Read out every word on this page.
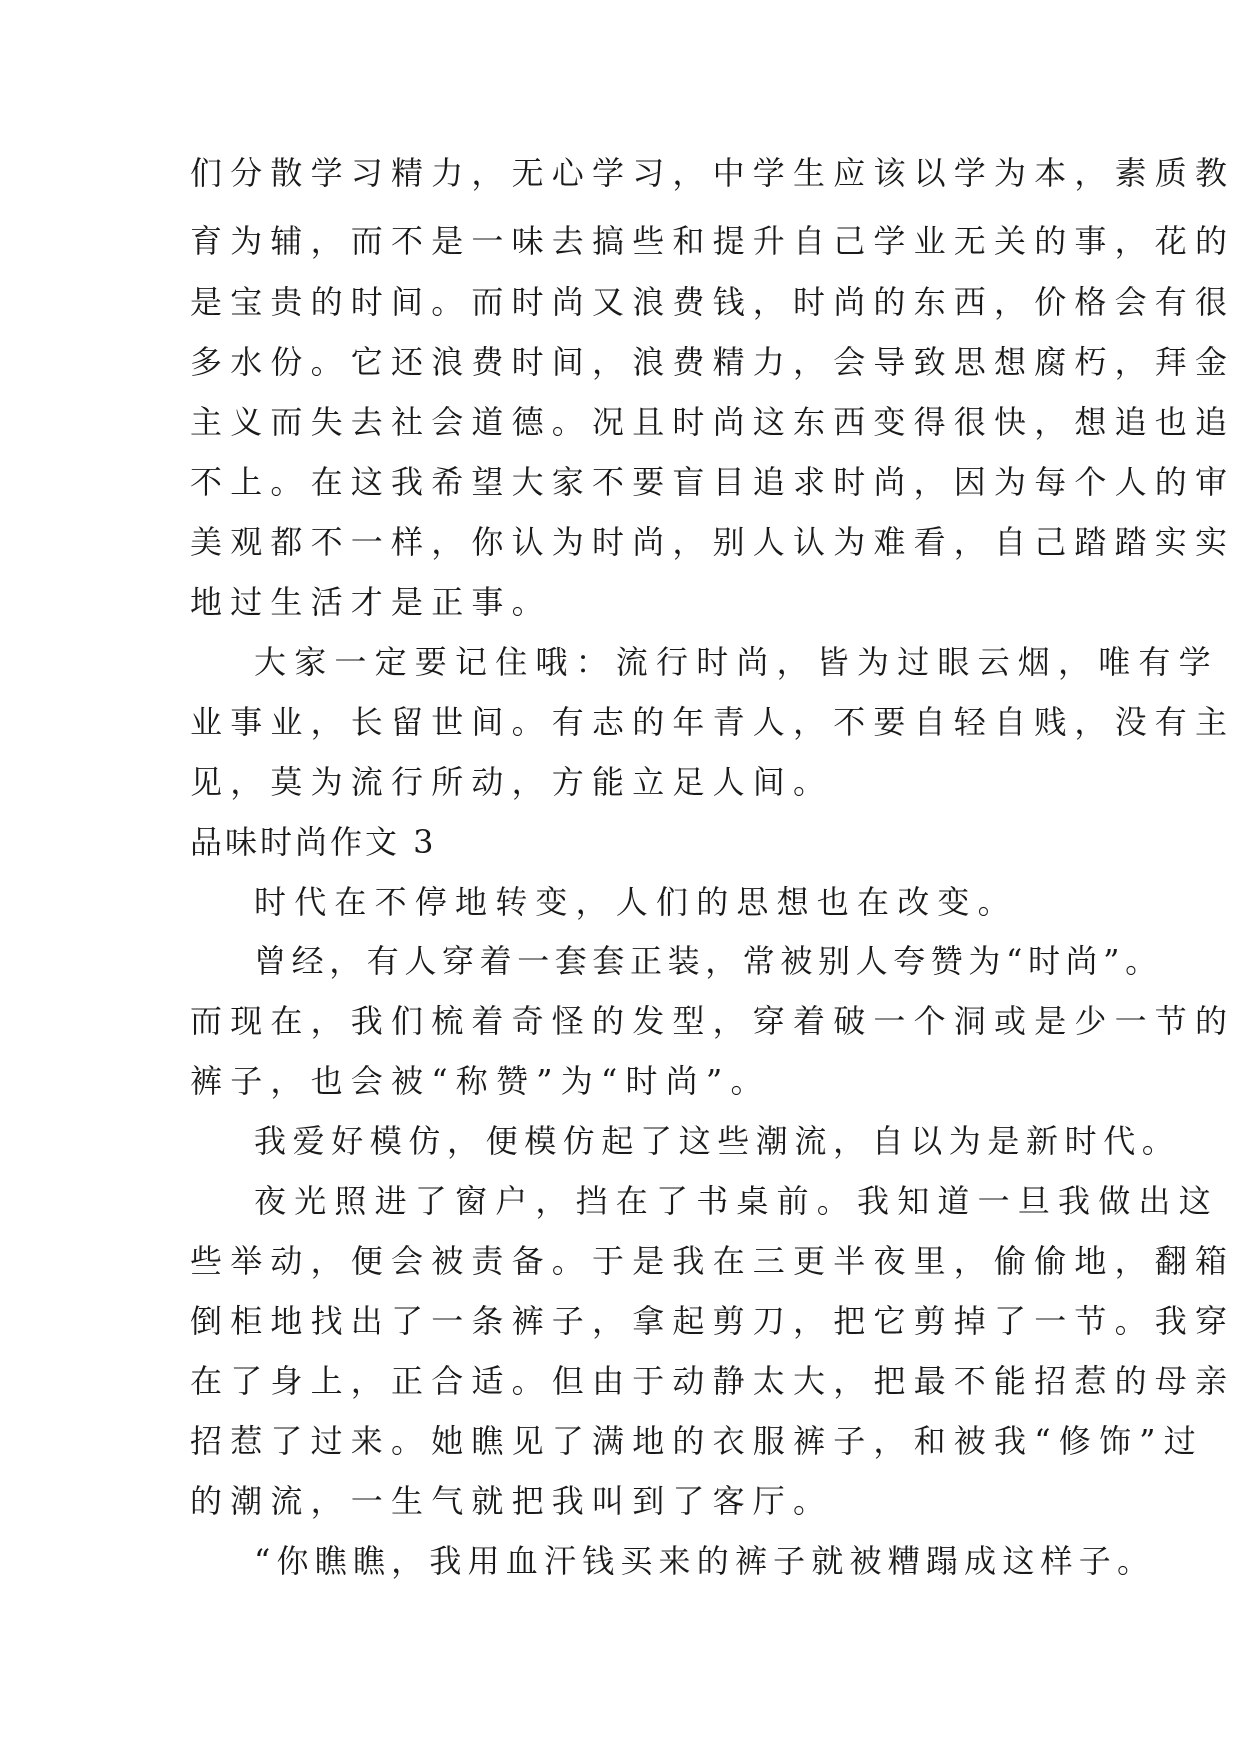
们分散学习精力，无心学习，中学生应该以学为本，素质教
育为辅，而不是一味去搞些和提升自己学业无关的事，花的
是宝贵的时间。而时尚又浪费钱，时尚的东西，价格会有很
多水份。它还浪费时间，浪费精力，会导致思想腐朽，拜金
主义而失去社会道德。况且时尚这东西变得很快，想追也追
不上。在这我希望大家不要盲目追求时尚，因为每个人的审
美观都不一样，你认为时尚，别人认为难看，自己踏踏实实
地过生活才是正事。
大家一定要记住哦：流行时尚，皆为过眼云烟，唯有学
业事业，长留世间。有志的年青人，不要自轻自贱，没有主
见，莫为流行所动，方能立足人间。
品味时尚作文 3
时代在不停地转变，人们的思想也在改变。
曾经，有人穿着一套套正装，常被别人夸赞为“时尚”。
而现在，我们梳着奇怪的发型，穿着破一个洞或是少一节的
裤子，也会被“称赞”为“时尚”。
我爱好模仿，便模仿起了这些潮流，自以为是新时代。
夜光照进了窗户，挡在了书桌前。我知道一旦我做出这
些举动，便会被责备。于是我在三更半夜里，偷偷地，翻箱
倒柜地找出了一条裤子，拿起剪刀，把它剪掉了一节。我穿
在了身上，正合适。但由于动静太大，把最不能招惹的母亲
招惹了过来。她瞧见了满地的衣服裤子，和被我“修饰”过
的潮流，一生气就把我叫到了客厅。
“你瞧瞧，我用血汗钱买来的裤子就被糟蹋成这样子。
